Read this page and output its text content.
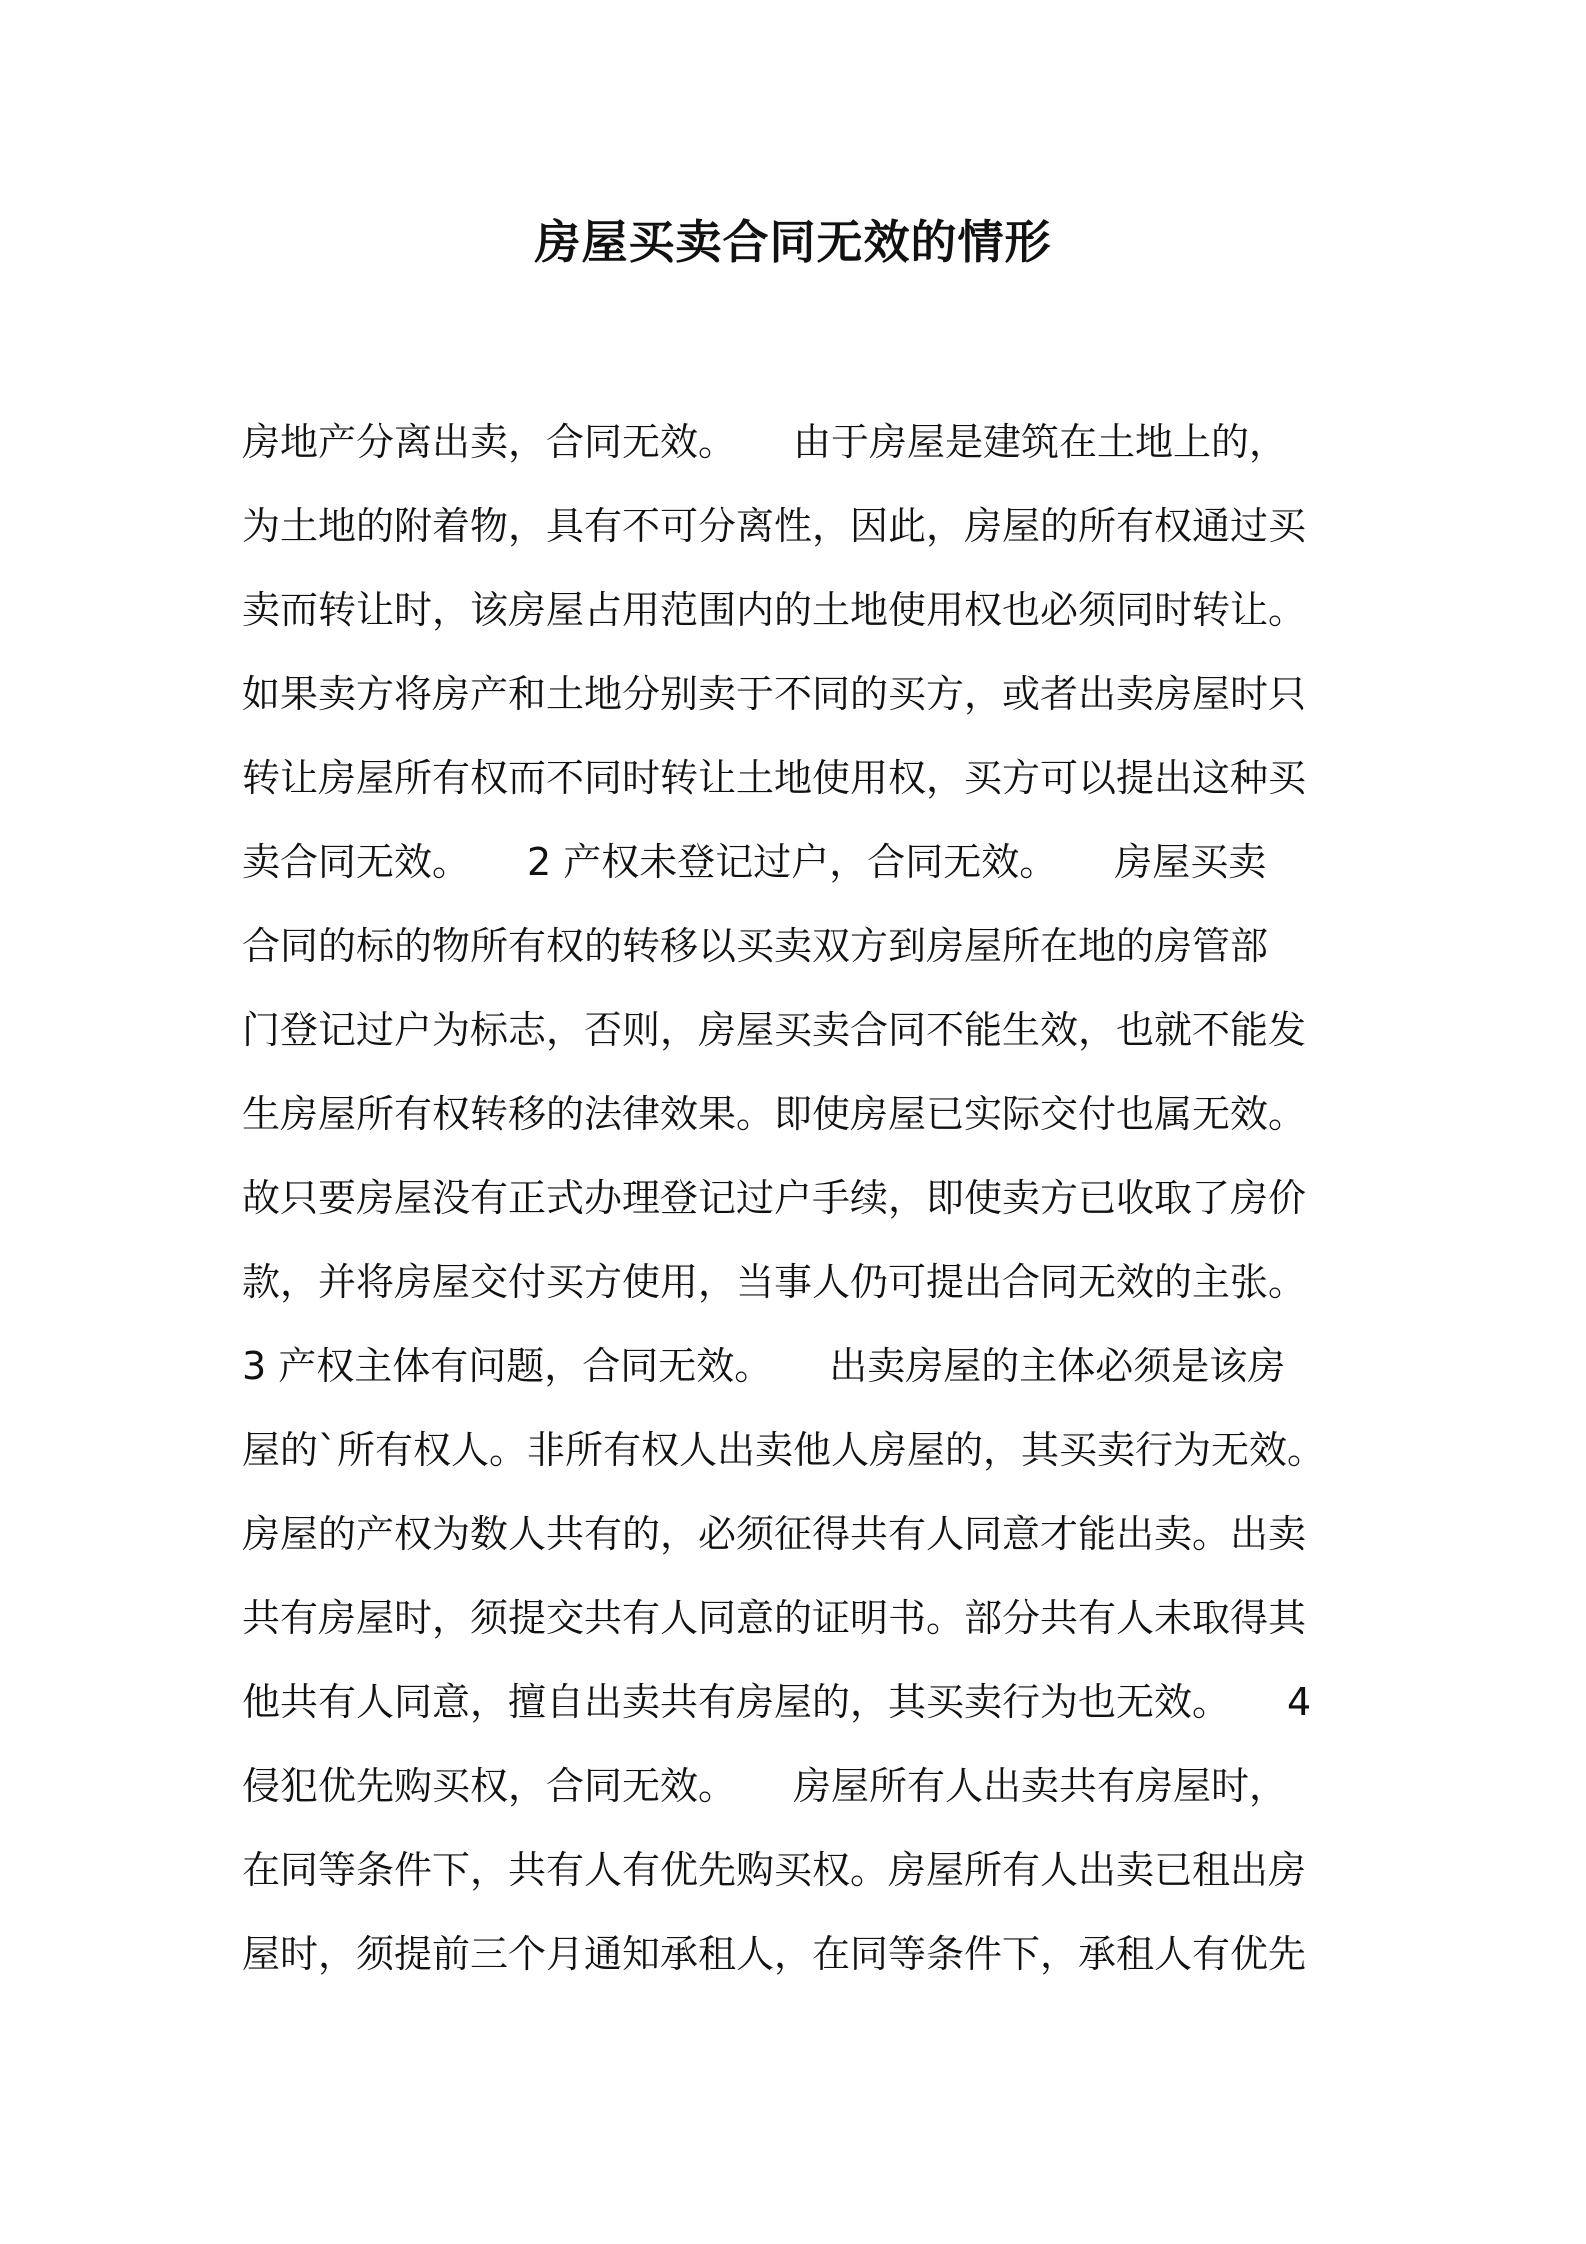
房屋买卖合同无效的情形
房地产分离出卖，合同无效。　　由于房屋是建筑在土地上的，
为土地的附着物，具有不可分离性，因此，房屋的所有权通过买
卖而转让时，该房屋占用范围内的土地使用权也必须同时转让。
如果卖方将房产和土地分别卖于不同的买方，或者出卖房屋时只
转让房屋所有权而不同时转让土地使用权，买方可以提出这种买
卖合同无效。　　2 产权未登记过户，合同无效。　　房屋买卖
合同的标的物所有权的转移以买卖双方到房屋所在地的房管部
门登记过户为标志，否则，房屋买卖合同不能生效，也就不能发
生房屋所有权转移的法律效果。即使房屋已实际交付也属无效。
故只要房屋没有正式办理登记过户手续，即使卖方已收取了房价
款，并将房屋交付买方使用，当事人仍可提出合同无效的主张。
3 产权主体有问题，合同无效。　　出卖房屋的主体必须是该房
屋的`所有权人。非所有权人出卖他人房屋的，其买卖行为无效。
房屋的产权为数人共有的，必须征得共有人同意才能出卖。出卖
共有房屋时，须提交共有人同意的证明书。部分共有人未取得其
他共有人同意，擅自出卖共有房屋的，其买卖行为也无效。　　4
侵犯优先购买权，合同无效。　　房屋所有人出卖共有房屋时，
在同等条件下，共有人有优先购买权。房屋所有人出卖已租出房
屋时，须提前三个月通知承租人，在同等条件下，承租人有优先
